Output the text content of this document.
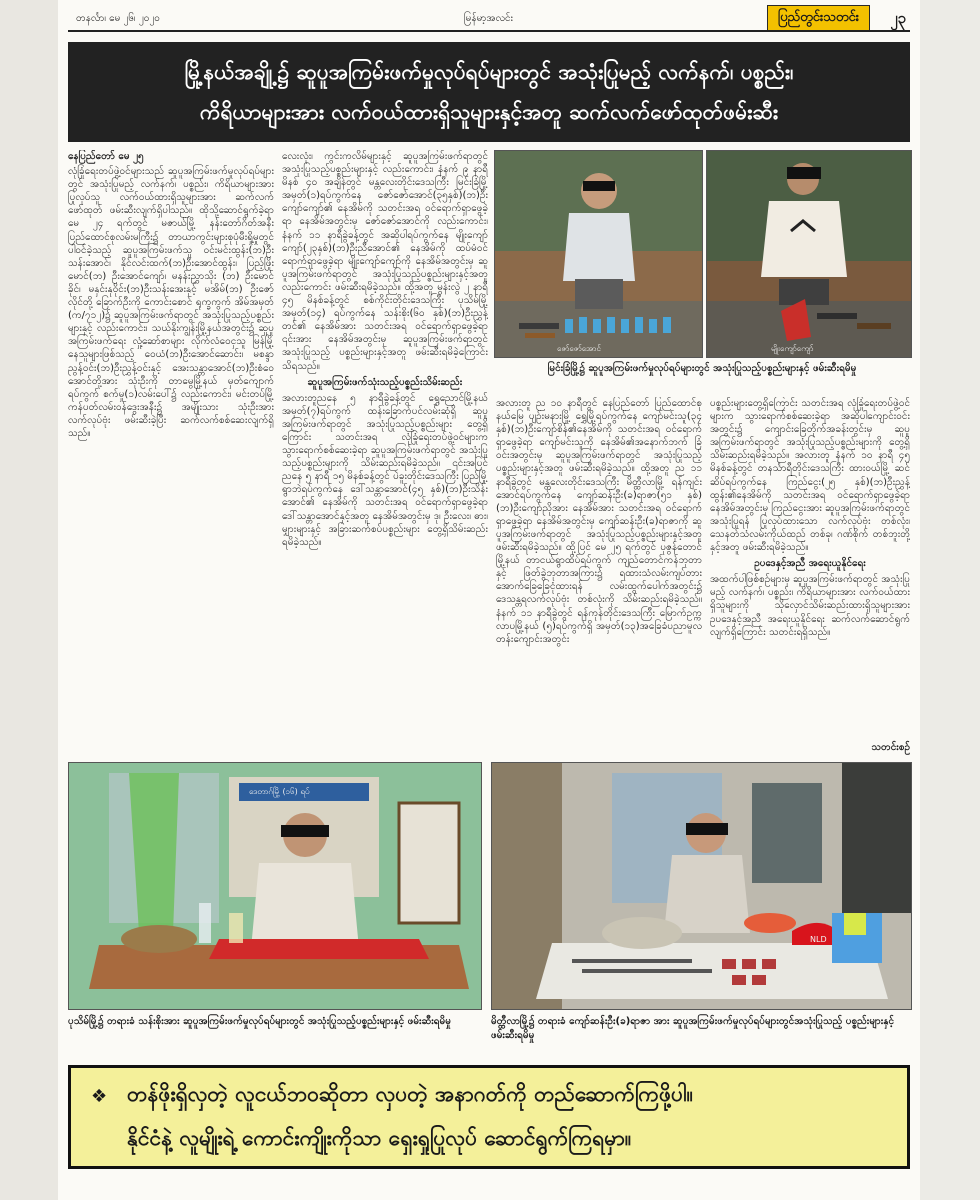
တနင်္လာ၊ မေ ၂၆၊ ၂၀၂၀	မြန်မာ့အလင်း	ပြည်တွင်းသတင်း	၂၃
မြို့နယ်အချို့၌ ဆူပူအကြမ်းဖက်မှုလုပ်ရပ်များတွင် အသုံးပြုမည့် လက်နက်၊ ပစ္စည်း၊
ကိရိယာများအား လက်ဝယ်ထားရှိသူများနှင့်အတူ ဆက်လက်ဖော်ထုတ်ဖမ်းဆီး
နေပြည်တော် မေ ၂၅
လုံခြုံရေးတပ်ဖွဲ့ဝင်များသည် ဆူပူအကြမ်းဖက်မှုလုပ်ရပ်များတွင် အသုံးပြုမည့် လက်နက်၊ ပစ္စည်း၊ ကိရိယာများအား ပြုလုပ်သူ လက်ဝယ်ထားရှိသူများအား ဆက်လက်ဖော်ထုတ် ဖမ်းဆီးလျက်ရှိပါသည်။ ထိုသို့ဆောင်ရွက်ခဲ့ရာ မေ ၂၄ ရက်တွင် မဇာယ်မြို့ နန်းတော်ဂိတ်အနီး ပြည်ထောင်စုလမ်းမကြီး၌ တာယာကွင်းများစုပုံမီးရှို့မှုတွင်ပါဝင်ခဲ့သည့် ဆူပူအကြမ်းဖက်သူ ဝင်းမင်းထွန်း(ဘ)ဦးသန်းအောင်၊ နိုင်လင်းထက်(ဘ)ဦးအောင်ထွန်း၊ ပြည့်ဖြိုးမောင်(ဘ) ဦးအောင်ကျော်၊ မနန်းညွှာသိုး (ဘ) ဦးမောင်ခိုင်၊ မနှင်းနုဝိုင်း(ဘ)ဦးသန်းအေးနှင့် မအိမ်(ဘ) ဦးဇော်လိုင်တို့ ခြောက်ဦးကို ကောင်းစောင် ရုက္ခကွက် အိမ်အမှတ် (က/၇၁၂)၌ ဆူပူအကြမ်းဖက်ရာတွင် အသုံးပြုသည့်ပစ္စည်းများနှင့် လည်းကောင်း၊ သယ်နိုးကျွန်းမြို့နယ်အတွင်း၌ ဆူပူအကြမ်းဖက်ရေး လှုံ့ဆော်စာများ လိုက်လံဝေငှသူ မြန်မြို့နေသူများဖြစ်သည့် ဝေယံ(ဘ)ဦးအောင်ဆောင်း၊ မစန္ဒာညွန့်ဝင်း(ဘ)ဦးညွှန့်ဝင်းနှင့် အေးသန္တာအောင်(ဘ)ဦးစံဝေအောင်တို့အား သုံးဦးကို တာမွေမြို့နယ် မှတ်ကျောက်ရပ်ကွက် စက်မှု(၁)လမ်းပေါ်၌ လည်းကောင်း၊ မင်းတပ်မြို့ ကန်ပတ်လမ်းဝန်ဒွေးအနီး၌ အမျိုးသား သုံးဦးအား လက်လုပ်ဗုံး ဖမ်းဆီးခဲ့ပြီး ဆက်လက်စစ်ဆေးလျက်ရှိသည်။
လေးလုံး၊ ကွင်းကလိမ်များနှင့် ဆူပူအကြမ်းဖက်ရာတွင် အသုံးပြုသည့်ပစ္စည်းများနှင့် လည်းကောင်း၊ နံနက် ၉ နာရီ မိနစ် ၄၀ အချိန်တွင် မန္တလေးတိုင်းဒေသကြီး မြင်းခြံမြို့ အမှတ်(၁)ရပ်ကွက်နေ ဇော်ဇော်အောင်(၃၅နှစ်)(ဘ)ဦးကျော်ကျော်၏ နေအိမ်ကို သတင်းအရ ဝင်ရောက်ရှာဖွေခဲ့ရာ နေအိမ်အတွင်းမှ ဇော်ဇော်အောင်ကို လည်းကောင်း၊ နံနက် ၁၁ နာရီခွဲခန့်တွင် အဆိုပါရပ်ကွက်နေ မျိုးကျော်ကျော်(၂၃နှစ်)(ဘ)ဦးညီအောင်၏ နေအိမ်ကို ထပ်မံဝင်ရောက်ရှာဖွေခဲ့ရာ မျိုးကျော်ကျော်ကို နေအိမ်အတွင်းမှ ဆူပူအကြမ်းဖက်ရာတွင် အသုံးပြုသည့်ပစ္စည်းများနှင့်အတူ လည်းကောင်း ဖမ်းဆီးရမိခဲ့သည်။ ထို့အတူ မွန်းလွဲ ၂ နာရီ ၄၅ မိနစ်ခန့်တွင် စစ်ကိုင်းတိုင်းဒေသကြီး ပုသိမ်မြို့ အမှတ်(၁၄) ရပ်ကွက်နေ သန်းစိုး(၆၀ နှစ်)(ဘ)ဦးညွှန့်တင်၏ နေအိမ်အား သတင်းအရ ဝင်ရောက်ရှာဖွေခဲ့ရာ ၎င်းအား နေအိမ်အတွင်းမှ ဆူပူအကြမ်းဖက်ရာတွင် အသုံးပြုသည့် ပစ္စည်းများနှင့်အတူ ဖမ်းဆီးရမိခဲ့ကြောင်း သိရသည်။
ဆူပူအကြမ်းဖက်သုံးသည့်ပစ္စည်းသိမ်းဆည်း
အလားတူညနေ ၅ နာရီခွဲခန့်တွင် ရွှေညောင်မြို့နယ် အမှတ်(၇)ရပ်ကွက် ထန်းခြောက်ပင်လမ်းဆုံရှိ ဆူပူအကြမ်းဖက်ရာတွင် အသုံးပြုသည့်ပစ္စည်းများ တွေ့ရှိကြောင်း သတင်းအရ လုံခြုံရေးတပ်ဖွဲ့ဝင်များက သွားရောက်စစ်ဆေးခဲ့ရာ ဆူပူအကြမ်းဖက်ရာတွင် အသုံးပြုသည့်ပစ္စည်းများကို သိမ်းဆည်းရမိခဲ့သည်။ ၎င်းအပြင် ညနေ ၅ နာရီ ၁၅ မိနစ်ခန့်တွင် ပဲခူးတိုင်းဒေသကြီး ပြည်မြို့ ရွာဘဲရပ်ကွက်နေ ဒေါ်သန္တာအောင်(၄၅ နှစ်)(ဘ)ဦးသိန်းအောင်၏ နေအိမ်ကို သတင်းအရ ဝင်ရောက်ရှာဖွေခဲ့ရာ ဒေါ်သန္တာအောင်နှင့်အတူ နေအိမ်အတွင်းမှ ဒု၊ ဦးလေး၊ ဓား၊ မျှားများနှင့် အခြားဆက်စပ်ပစ္စည်းများ တွေ့ရှိသိမ်းဆည်းရမိခဲ့သည်။
ဇော်ဇော်အောင်	မျိုးကျော်ကျော်
မြင်းခြံမြို့၌ ဆူပူအကြမ်းဖက်မှုလုပ်ရပ်များတွင် အသုံးပြုသည့်ပစ္စည်းများနှင့် ဖမ်းဆီးရမိမှု
အလားတူ ည ၁၀ နာရီတွင် နေပြည်တော် ပြည်ထောင်စုနယ်မြေ ပျဉ်းမနားမြို့ ရွှေမြို့ရပ်ကွက်နေ ကျော်မင်းသူ(၃၄ နှစ်)(ဘ)ဦးကျော်စိန်၏နေအိမ်ကို သတင်းအရ ဝင်ရောက်ရှာဖွေခဲ့ရာ ကျော်မင်းသူကို နေအိမ်၏အနောက်ဘက် ခြံဝင်းအတွင်းမှ ဆူပူအကြမ်းဖက်ရာတွင် အသုံးပြုသည့်ပစ္စည်းများနှင့်အတူ ဖမ်းဆီးရမိခဲ့သည်။ ထို့အတူ ည ၁၁ နာရီခွဲတွင် မန္တလေးတိုင်းဒေသကြီး မိတ္ထီလာမြို့ ရန်ကျင်းအောင်ရပ်ကွက်နေ ကျော်ဆန်းဦး(ခ)ရာဇာ(၅၁ နှစ်)(ဘ)ဦးကျော်ညိုအား နေအိမ်အား သတင်းအရ ဝင်ရောက်ရှာဖွေခဲ့ရာ နေအိမ်အတွင်းမှ ကျော်ဆန်းဦး(ခ)ရာဇာကို ဆူပူအကြမ်းဖက်ရာတွင် အသုံးပြုသည့်ပစ္စည်းများနှင့်အတူ ဖမ်းဆီးရမိခဲ့သည်။ ထို့ပြင် မေ ၂၅ ရက်တွင် ပုဇွန်တောင်မြို့နယ် တာငယ်ရွာထိပ်ရပ်ကွက် ကျည်တောင်ကန်ဘုတာနှင့် ဖြတ်ခွဲဘုတာအကြား၌ ရထားသံလမ်းကျပ်တားအောက်ခြေခြေငုံထားရန် လမ်းထွက်ပေါက်အတွင်း၌ ဒေသန္တရလက်လုပ်ဗုံး တစ်လုံးကို သိမ်းဆည်းရမိခဲ့သည်။ နံနက် ၁၁ နာရီခွဲတွင် ရန်ကုန်တိုင်းဒေသကြီး မြောက်ဥက္ကလာပမြို့နယ် (၅)ရပ်ကွက်ရှိ အမှတ်(၁၃)အခြေခံပညာမူလတန်းကျောင်းအတွင်း
ပစ္စည်းများတွေ့ရှိကြောင်း သတင်းအရ လုံခြုံရေးတပ်ဖွဲ့ဝင်များက သွားရောက်စစ်ဆေးခဲ့ရာ အဆိုပါကျောင်းဝင်းအတွင်း၌ ကျောင်းခြေတိုက်အခန်းတွင်းမှ ဆူပူအကြမ်းဖက်ရာတွင် အသုံးပြုသည့်ပစ္စည်းများကို တွေ့ရှိသိမ်းဆည်းရမိခဲ့သည်။ အလားတူ နံနက် ၁၀ နာရီ ၄၅ မိနစ်ခန့်တွင် တနင်္သာရီတိုင်းဒေသကြီး ထားဝယ်မြို့ ဆင်ဆိပ်ရပ်ကွက်နေ ကြည်ငွေး(၂၅ နှစ်)(ဘ)ဦးညွှန့်ထွန်း၏နေအိမ်ကို သတင်းအရ ဝင်ရောက်ရှာဖွေခဲ့ရာ နေအိမ်အတွင်းမှ ကြည်ငွေးအား ဆူပူအကြမ်းဖက်ရာတွင်အသုံးပြုရန် ပြုလုပ်ထားသော လက်လုပ်ဗုံး တစ်လုံး၊ သေနတ်သံလမ်းကိုယ်ထည် တစ်ခု၊ ဂဏ်စိုက် တစ်ဘူးတို့နှင့်အတူ ဖမ်းဆီးရမိခဲ့သည်။
ဥပဒေနှင့်အညီ အရေးယူနိုင်ရေး
အထက်ပါဖြစ်စဉ်များမှ ဆူပူအကြမ်းဖက်ရာတွင် အသုံးပြုမည့် လက်နက်၊ ပစ္စည်း၊ ကိရိယာများအား လက်ဝယ်ထားရှိသူများကို သိုလှောင်သိမ်းဆည်းထားရှိသူများအား ဥပဒေနှင့်အညီ အရေးယူနိုင်ရေး ဆက်လက်ဆောင်ရွက်လျက်ရှိကြောင်း သတင်းရရှိသည်။
သတင်းစဉ်
ဒေတာဂ်မြို့ (၁၆) ရပ်
NLD
ပုသိမ်မြို့၌ တရားခံ သန်းစိုးအား ဆူပူအကြမ်းဖက်မှုလုပ်ရပ်များတွင် အသုံးပြုသည့်ပစ္စည်းများနှင့် ဖမ်းဆီးရမိမှု	မိတ္ထီလာမြို့၌ တရားခံ ကျော်ဆန်းဦး(ခ)ရာဇာ အား ဆူပူအကြမ်းဖက်မှုလုပ်ရပ်များတွင်အသုံးပြုသည့် ပစ္စည်းများနှင့် ဖမ်းဆီးရမိမှု
❖ တန်ဖိုးရှိလှတဲ့ လူငယ်ဘဝဆိုတာ လှပတဲ့ အနာဂတ်ကို တည်ဆောက်ကြဖို့ပါ။
နိုင်ငံနဲ့ လူမျိုးရဲ့ ကောင်းကျိုးကိုသာ ရှေးရှုပြုလုပ် ဆောင်ရွက်ကြရမှာ။
